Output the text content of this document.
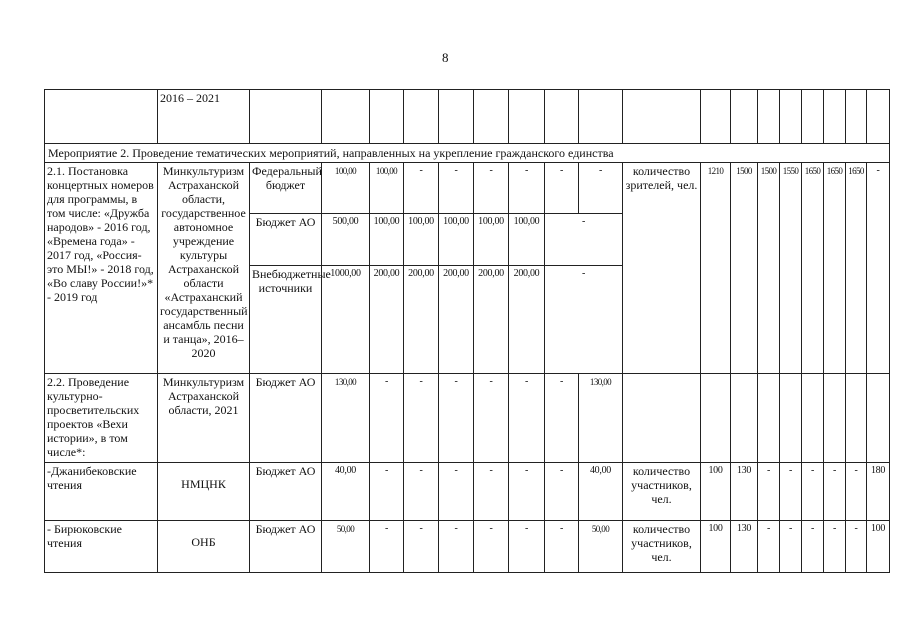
8
	2016 – 2021																		
Мероприятие 2. Проведение тематических мероприятий, направленных на укрепление гражданского единства																			
2.1. Постановка концертных номеров для программы, в том числе: «Дружба народов» - 2016 год, «Времена года» - 2017 год, «Россия-это МЫ!» - 2018 год, «Во славу России!»* - 2019 год	Минкультуризм Астраханской области, государственное автономное учреждение культуры Астраханской области «Астраханский государственный ансамбль песни и танца», 2016–2020	Федеральный бюджет	100,00	100,00	-	-	-	-	-	-	количество зрителей, чел.	1210	1500	1500	1550	1650	1650	1650	-
		Бюджет АО	500,00	100,00	100,00	100,00	100,00	100,00	-										
		Внебюджетные источники	1000,00	200,00	200,00	200,00	200,00	200,00	-										
2.2. Проведение культурно-просветительских проектов «Вехи истории», в том числе*:	Минкультуризм Астраханской области, 2021	Бюджет АО	130,00	-	-	-	-	-	-	130,00									
-Джанибековские чтения	НМЦНК	Бюджет АО	40,00	-	-	-	-	-	-	40,00	количество участников, чел.	100	130	-	-	-	-	-	180
- Бирюковские чтения	ОНБ	Бюджет АО	50,00	-	-	-	-	-	-	50,00	количество участников, чел.	100	130	-	-	-	-	-	100
